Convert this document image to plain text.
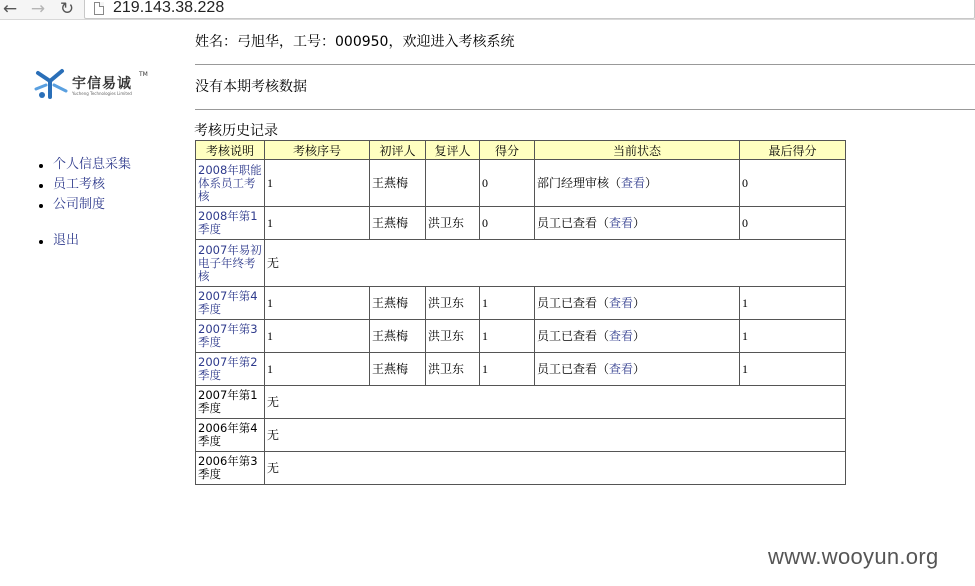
← → ↻ 219.143.38.228
宇信易诚
TM
Yucheng Technologies Limited
个人信息采集
员工考核
公司制度
退出
姓名：弓旭华，工号：000950，欢迎进入考核系统
没有本期考核数据
考核历史记录
考核说明	考核序号	初评人	复评人	得分	当前状态	最后得分
2008年职能体系员工考核	1	王燕梅		0	部门经理审核（查看）	0
2008年第1季度	1	王燕梅	洪卫东	0	员工已查看（查看）	0
2007年易初电子年终考核	无					
2007年第4季度	1	王燕梅	洪卫东	1	员工已查看（查看）	1
2007年第3季度	1	王燕梅	洪卫东	1	员工已查看（查看）	1
2007年第2季度	1	王燕梅	洪卫东	1	员工已查看（查看）	1
2007年第1季度	无					
2006年第4季度	无					
2006年第3季度	无					
www.wooyun.org
